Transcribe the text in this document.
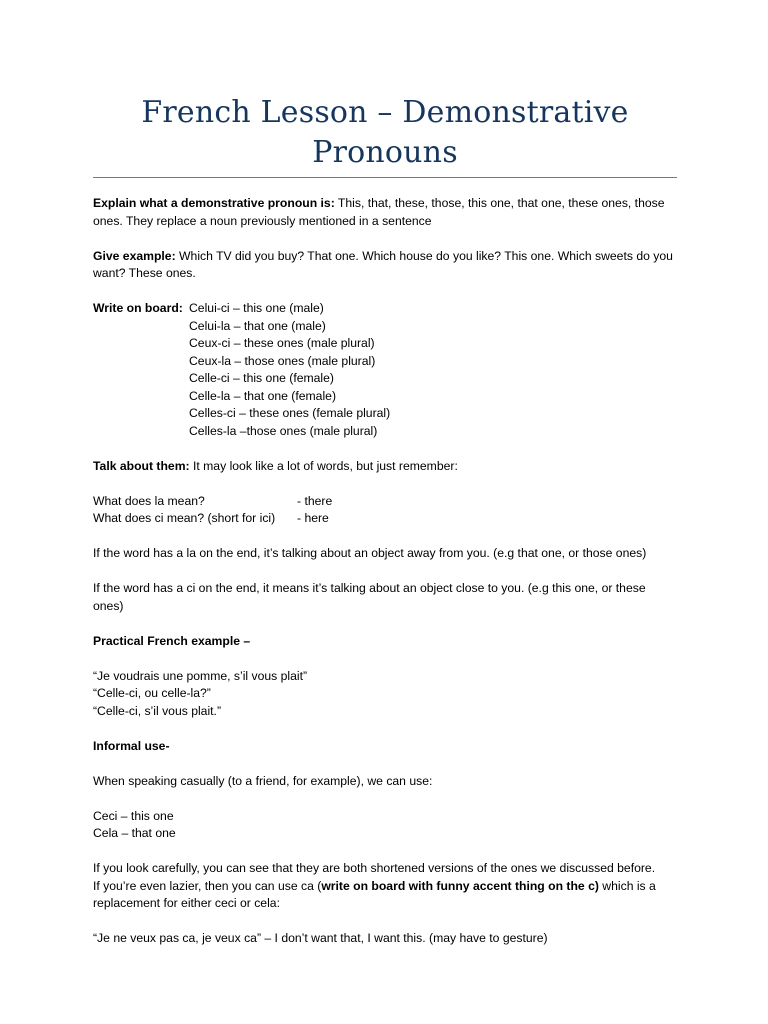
French Lesson – Demonstrative Pronouns

Explain what a demonstrative pronoun is: This, that, these, those, this one, that one, these ones, those ones. They replace a noun previously mentioned in a sentence

Give example: Which TV did you buy? That one. Which house do you like? This one. Which sweets do you want? These ones.

Write on board: Celui-ci – this one (male)
Celui-la – that one (male)
Ceux-ci – these ones (male plural)
Ceux-la – those ones (male plural)
Celle-ci – this one (female)
Celle-la – that one (female)
Celles-ci – these ones (female plural)
Celles-la –those ones (male plural)

Talk about them: It may look like a lot of words, but just remember:

What does la mean?	- there
What does ci mean? (short for ici)	- here

If the word has a la on the end, it’s talking about an object away from you. (e.g that one, or those ones)

If the word has a ci on the end, it means it’s talking about an object close to you. (e.g this one, or these ones)

Practical French example –

“Je voudrais une pomme, s’il vous plait”

“Celle-ci, ou celle-la?”

“Celle-ci, s’il vous plait.”

Informal use-

When speaking casually (to a friend, for example), we can use:

Ceci – this one

Cela – that one

If you look carefully, you can see that they are both shortened versions of the ones we discussed before.

If you’re even lazier, then you can use ca (write on board with funny accent thing on the c) which is a replacement for either ceci or cela:

“Je ne veux pas ca, je veux ca” – I don’t want that, I want this. (may have to gesture)
